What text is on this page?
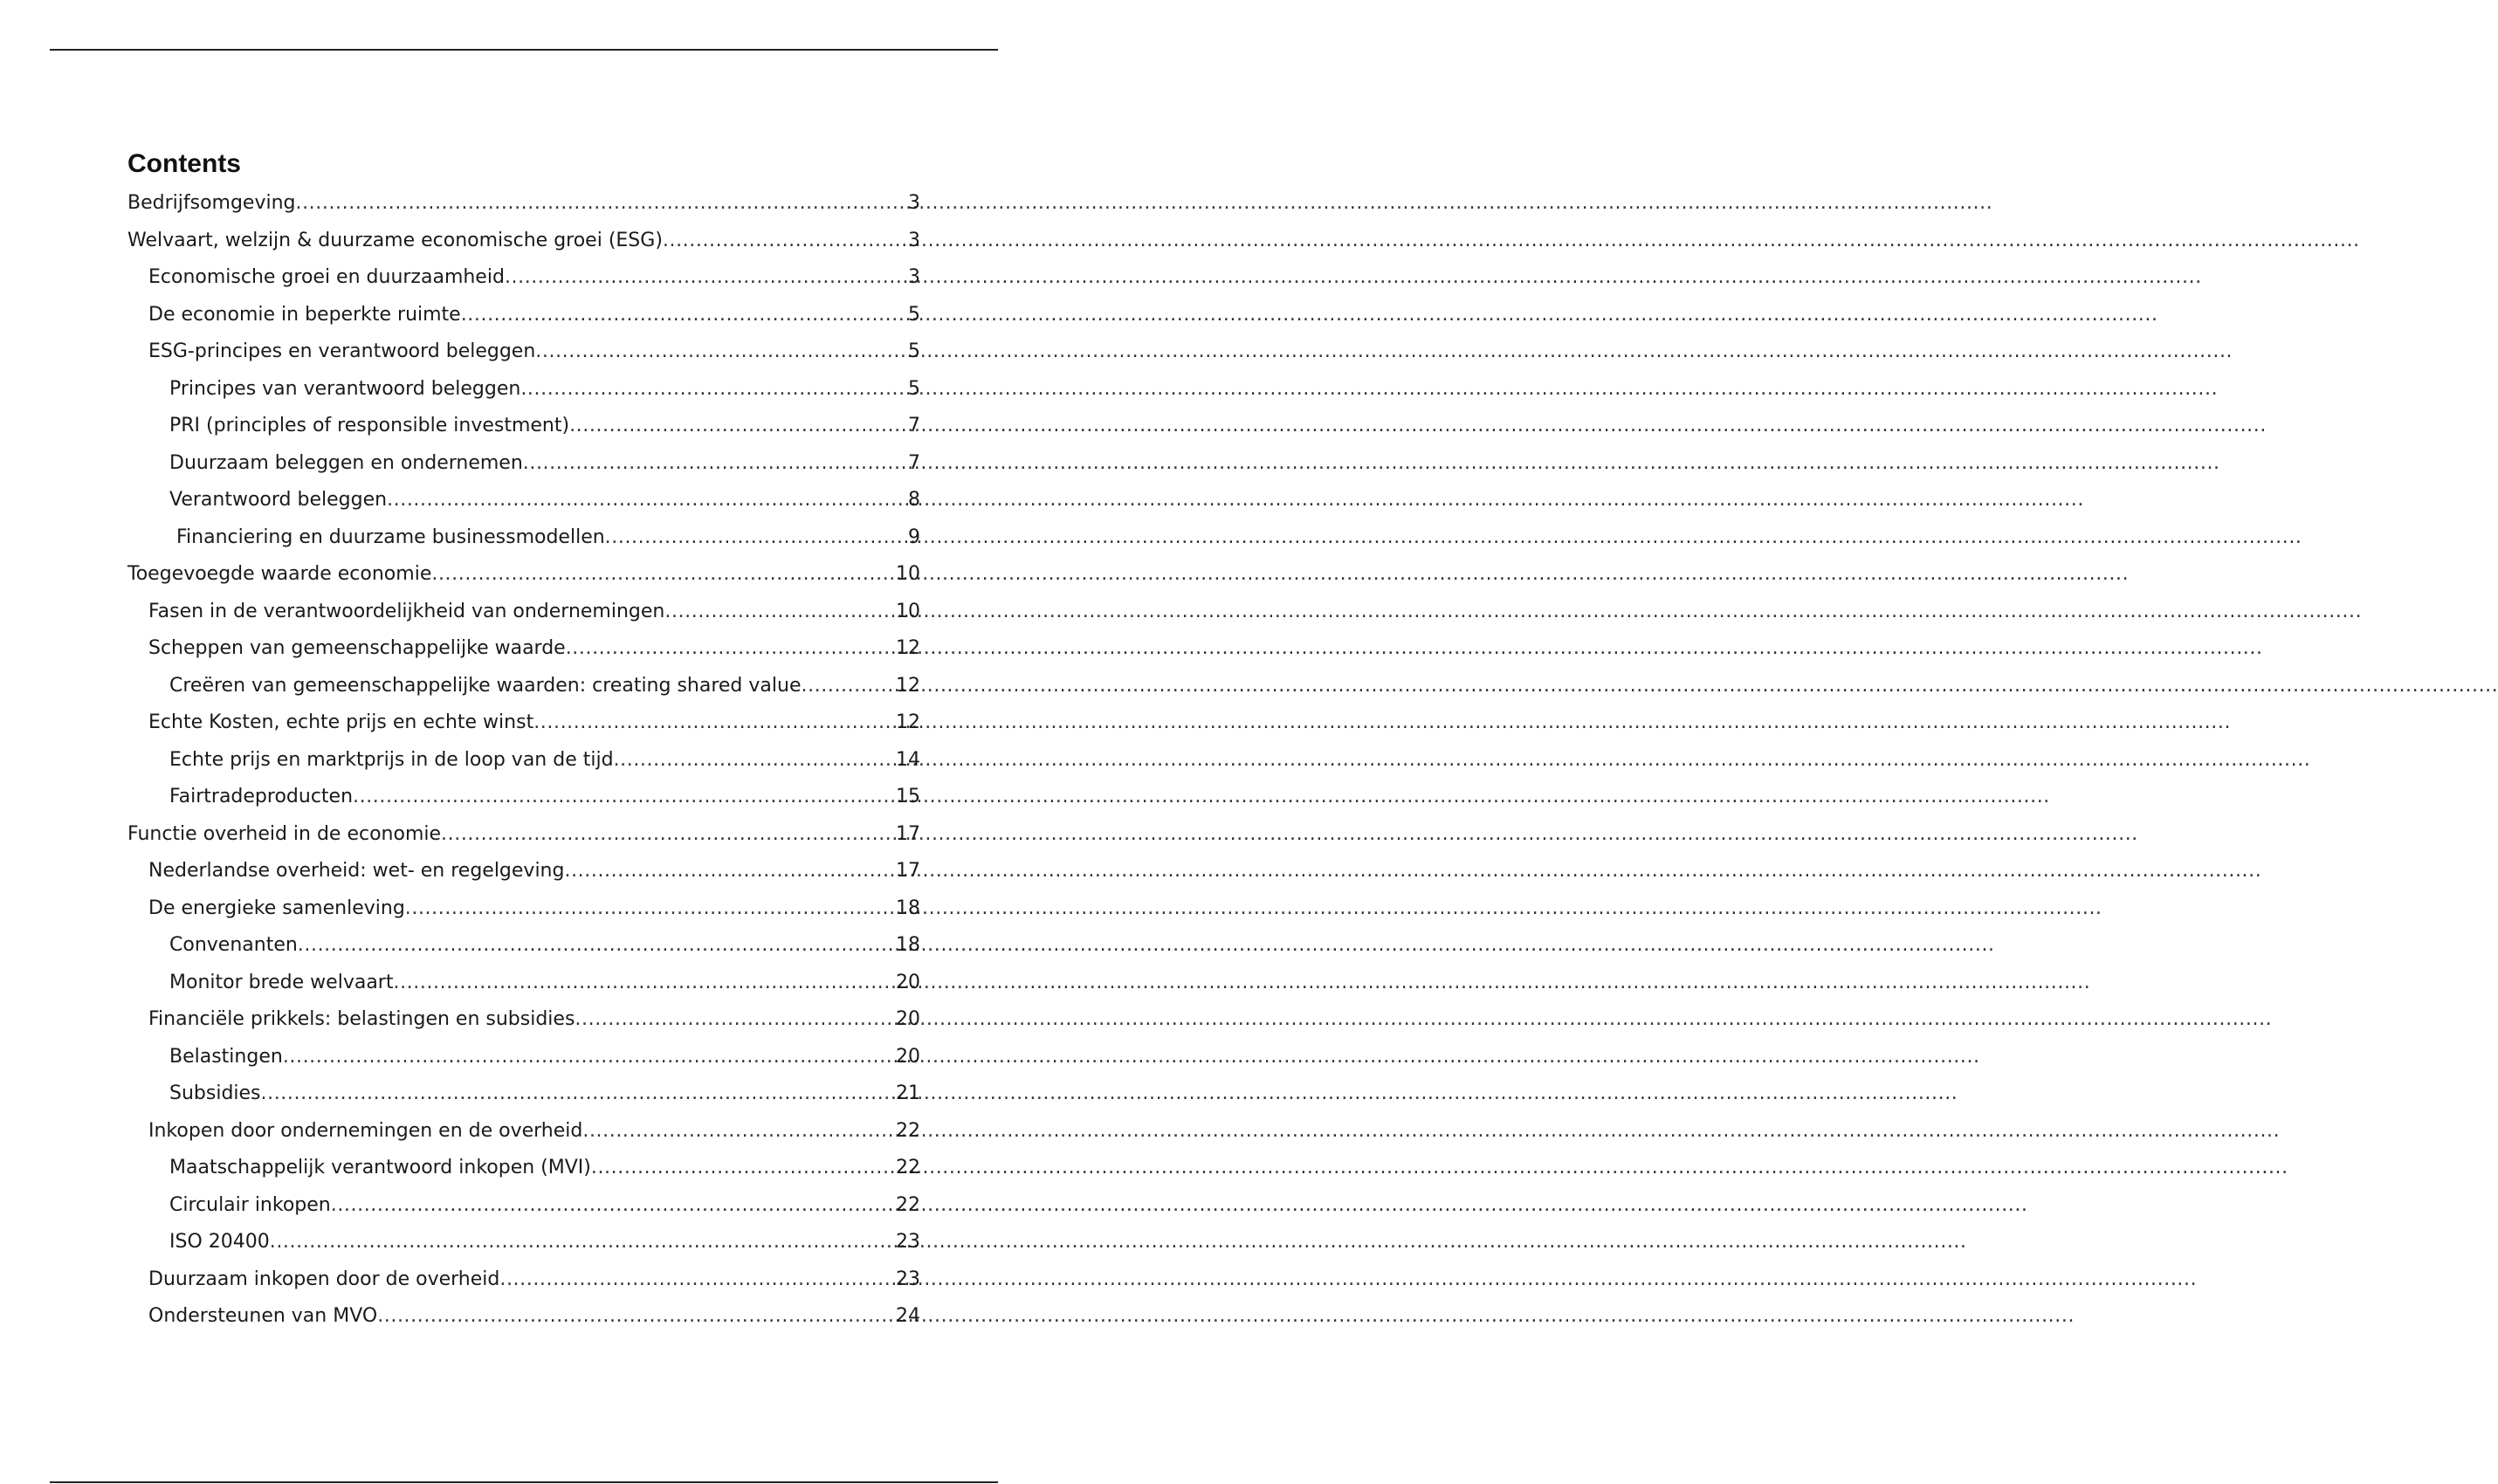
Contents
Bedrijfsomgeving .....	3
Welvaart, welzijn & duurzame economische groei (ESG) .....	3
Economische groei en duurzaamheid .....	3
De economie in beperkte ruimte .....	5
ESG-principes en verantwoord beleggen .....	5
Principes van verantwoord beleggen .....	5
PRI (principles of responsible investment) .....	7
Duurzaam beleggen en ondernemen .....	7
Verantwoord beleggen .....	8
Financiering en duurzame businessmodellen .....	9
Toegevoegde waarde economie .....	10
Fasen in de verantwoordelijkheid van ondernemingen .....	10
Scheppen van gemeenschappelijke waarde .....	12
Creëren van gemeenschappelijke waarden: creating shared value .....	12
Echte Kosten, echte prijs en echte winst .....	12
Echte prijs en marktprijs in de loop van de tijd .....	14
Fairtradeproducten .....	15
Functie overheid in de economie .....	17
Nederlandse overheid: wet- en regelgeving .....	17
De energieke samenleving .....	18
Convenanten .....	18
Monitor brede welvaart .....	20
Financiële prikkels: belastingen en subsidies .....	20
Belastingen .....	20
Subsidies .....	21
Inkopen door ondernemingen en de overheid .....	22
Maatschappelijk verantwoord inkopen (MVI) .....	22
Circulair inkopen .....	22
ISO 20400 .....	23
Duurzaam inkopen door de overheid .....	23
Ondersteunen van MVO .....	24
